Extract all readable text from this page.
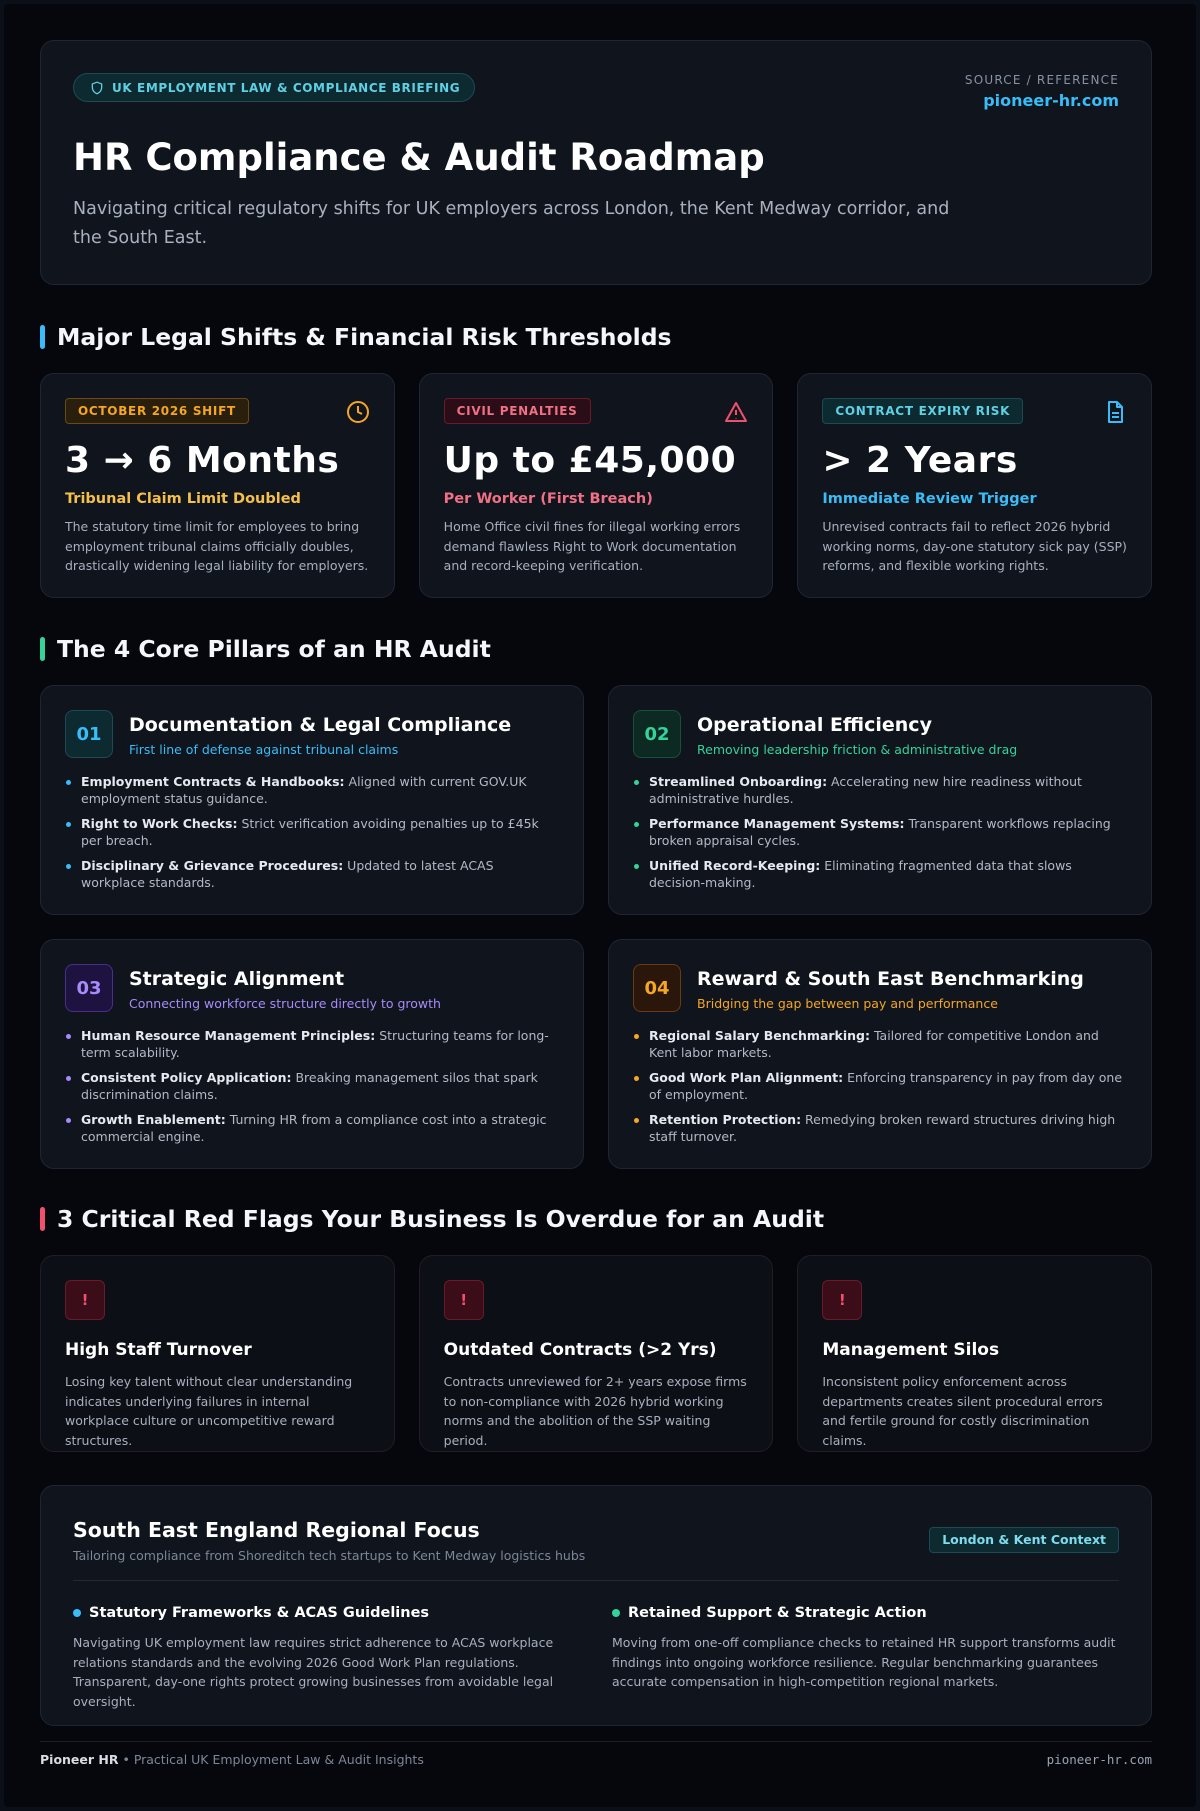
UK EMPLOYMENT LAW & COMPLIANCE BRIEFING
SOURCE / REFERENCE
pioneer-hr.com
HR Compliance & Audit Roadmap

Navigating critical regulatory shifts for UK employers across London, the Kent Medway corridor, and the South East.

Major Legal Shifts & Financial Risk Thresholds
OCTOBER 2026 SHIFT
3 → 6 Months
Tribunal Claim Limit Doubled

The statutory time limit for employees to bring employment tribunal claims officially doubles, drastically widening legal liability for employers.

CIVIL PENALTIES
Up to £45,000
Per Worker (First Breach)

Home Office civil fines for illegal working errors demand flawless Right to Work documentation and record-keeping verification.

CONTRACT EXPIRY RISK
> 2 Years
Immediate Review Trigger

Unrevised contracts fail to reflect 2026 hybrid working norms, day-one statutory sick pay (SSP) reforms, and flexible working rights.

The 4 Core Pillars of an HR Audit
01	Documentation & Legal Compliance
First line of defense against tribunal claims
Employment Contracts & Handbooks: Aligned with current GOV.UK employment status guidance.
Right to Work Checks: Strict verification avoiding penalties up to £45k per breach.
Disciplinary & Grievance Procedures: Updated to latest ACAS workplace standards.
02	Operational Efficiency
Removing leadership friction & administrative drag
Streamlined Onboarding: Accelerating new hire readiness without administrative hurdles.
Performance Management Systems: Transparent workflows replacing broken appraisal cycles.
Unified Record-Keeping: Eliminating fragmented data that slows decision-making.
03	Strategic Alignment
Connecting workforce structure directly to growth
Human Resource Management Principles: Structuring teams for long-term scalability.
Consistent Policy Application: Breaking management silos that spark discrimination claims.
Growth Enablement: Turning HR from a compliance cost into a strategic commercial engine.
04	Reward & South East Benchmarking
Bridging the gap between pay and performance
Regional Salary Benchmarking: Tailored for competitive London and Kent labor markets.
Good Work Plan Alignment: Enforcing transparency in pay from day one of employment.
Retention Protection: Remedying broken reward structures driving high staff turnover.
3 Critical Red Flags Your Business Is Overdue for an Audit
!
High Staff Turnover

Losing key talent without clear understanding indicates underlying failures in internal workplace culture or uncompetitive reward structures.

!
Outdated Contracts (>2 Yrs)

Contracts unreviewed for 2+ years expose firms to non-compliance with 2026 hybrid working norms and the abolition of the SSP waiting period.

!
Management Silos

Inconsistent policy enforcement across departments creates silent procedural errors and fertile ground for costly discrimination claims.

South East England Regional Focus
Tailoring compliance from Shoreditch tech startups to Kent Medway logistics hubs
London & Kent Context
Statutory Frameworks & ACAS Guidelines

Navigating UK employment law requires strict adherence to ACAS workplace relations standards and the evolving 2026 Good Work Plan regulations. Transparent, day-one rights protect growing businesses from avoidable legal oversight.

Retained Support & Strategic Action

Moving from one-off compliance checks to retained HR support transforms audit findings into ongoing workforce resilience. Regular benchmarking guarantees accurate compensation in high-competition regional markets.

Pioneer HR • Practical UK Employment Law & Audit Insights	pioneer-hr.com
